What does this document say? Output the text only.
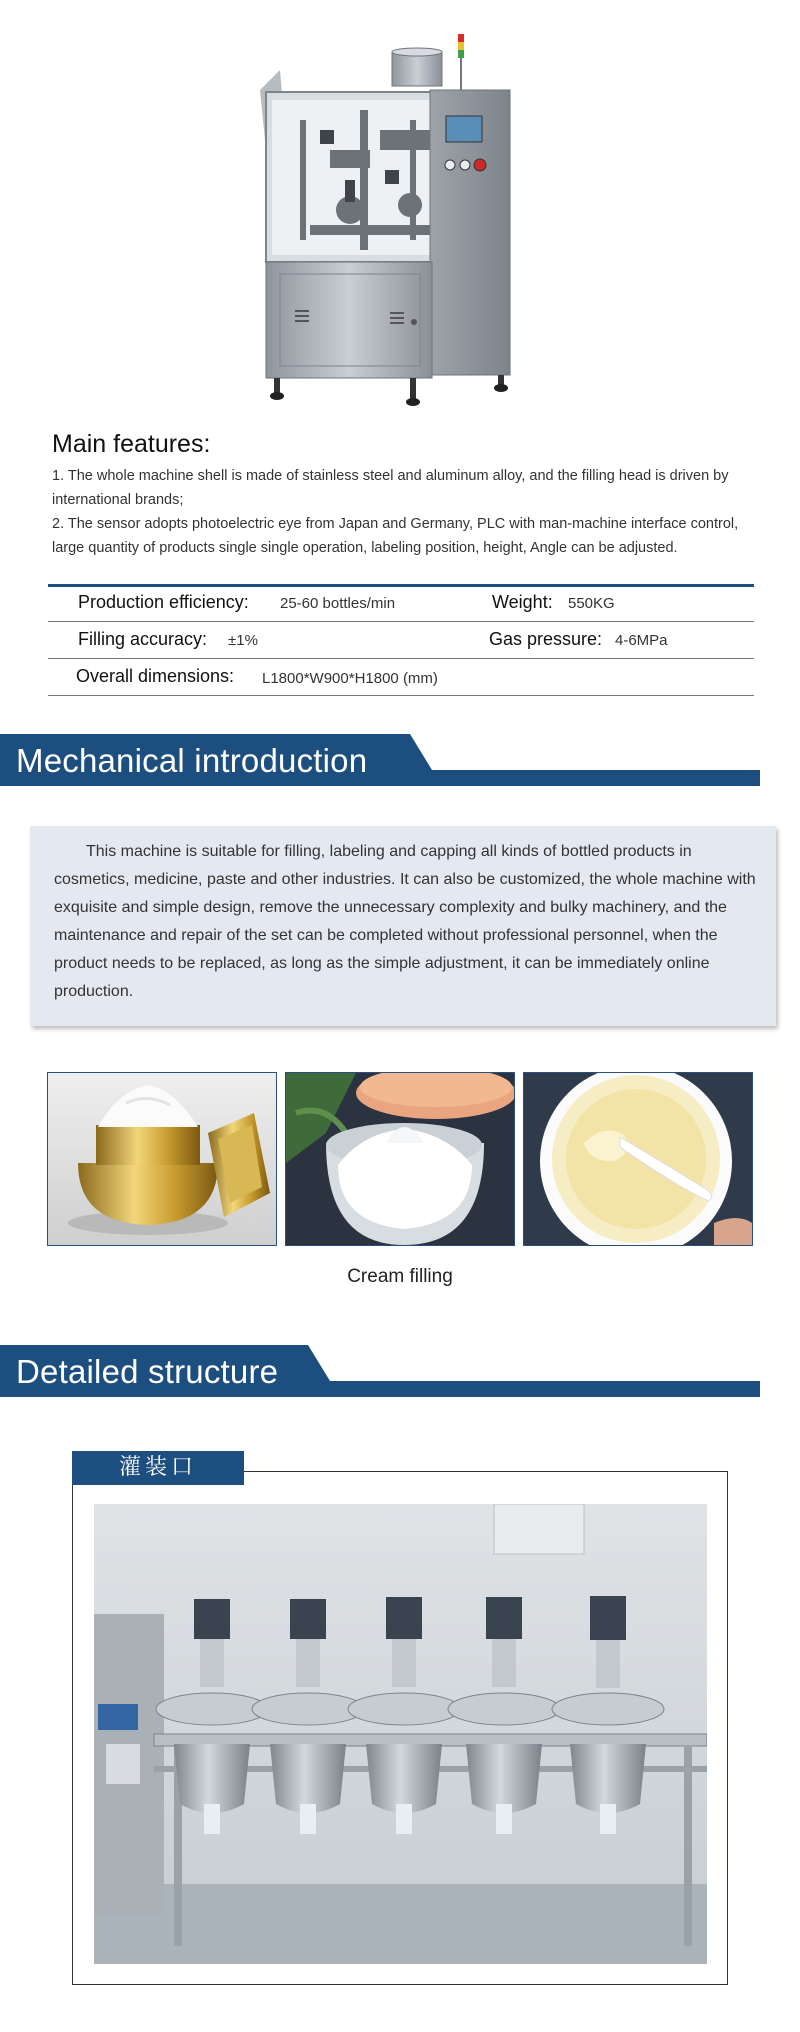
Main features:
1. The whole machine shell is made of stainless steel and aluminum alloy, and the filling head is driven by international brands;
2. The sensor adopts photoelectric eye from Japan and Germany, PLC with man-machine interface control, large quantity of products single single operation, labeling position, height, Angle can be adjusted.
Production efficiency: 25-60 bottles/min	Weight: 550KG
Filling accuracy: ±1%	Gas pressure: 4-6MPa
Overall dimensions: L1800*W900*H1800 (mm)
Mechanical introduction
This machine is suitable for filling, labeling and capping all kinds of bottled products in cosmetics, medicine, paste and other industries. It can also be customized, the whole machine with exquisite and simple design, remove the unnecessary complexity and bulky machinery, and the maintenance and repair of the set can be completed without professional personnel, when the product needs to be replaced, as long as the simple adjustment, it can be immediately online production.
Cream filling
Detailed structure
灌装口
